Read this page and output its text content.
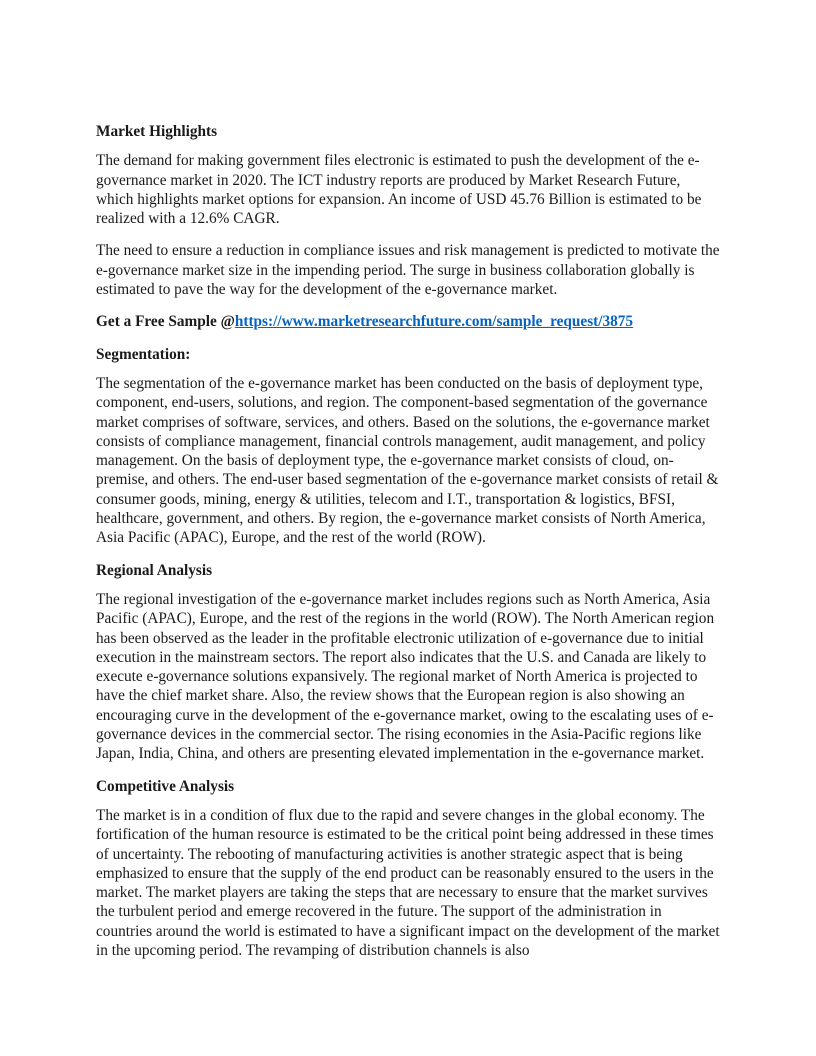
Market Highlights

The demand for making government files electronic is estimated to push the development of the e-governance market in 2020. The ICT industry reports are produced by Market Research Future, which highlights market options for expansion. An income of USD 45.76 Billion is estimated to be realized with a 12.6% CAGR.

The need to ensure a reduction in compliance issues and risk management is predicted to motivate the e-governance market size in the impending period. The surge in business collaboration globally is estimated to pave the way for the development of the e-governance market.

Get a Free Sample @https://www.marketresearchfuture.com/sample_request/3875

Segmentation:

The segmentation of the e-governance market has been conducted on the basis of deployment type, component, end-users, solutions, and region. The component-based segmentation of the governance market comprises of software, services, and others. Based on the solutions, the e-governance market consists of compliance management, financial controls management, audit management, and policy management. On the basis of deployment type, the e-governance market consists of cloud, on-premise, and others. The end-user based segmentation of the e-governance market consists of retail & consumer goods, mining, energy & utilities, telecom and I.T., transportation & logistics, BFSI, healthcare, government, and others. By region, the e-governance market consists of North America, Asia Pacific (APAC), Europe, and the rest of the world (ROW).

Regional Analysis

The regional investigation of the e-governance market includes regions such as North America, Asia Pacific (APAC), Europe, and the rest of the regions in the world (ROW). The North American region has been observed as the leader in the profitable electronic utilization of e-governance due to initial execution in the mainstream sectors. The report also indicates that the U.S. and Canada are likely to execute e-governance solutions expansively. The regional market of North America is projected to have the chief market share. Also, the review shows that the European region is also showing an encouraging curve in the development of the e-governance market, owing to the escalating uses of e-governance devices in the commercial sector. The rising economies in the Asia-Pacific regions like Japan, India, China, and others are presenting elevated implementation in the e-governance market.

Competitive Analysis

The market is in a condition of flux due to the rapid and severe changes in the global economy. The fortification of the human resource is estimated to be the critical point being addressed in these times of uncertainty. The rebooting of manufacturing activities is another strategic aspect that is being emphasized to ensure that the supply of the end product can be reasonably ensured to the users in the market. The market players are taking the steps that are necessary to ensure that the market survives the turbulent period and emerge recovered in the future. The support of the administration in countries around the world is estimated to have a significant impact on the development of the market in the upcoming period. The revamping of distribution channels is also
